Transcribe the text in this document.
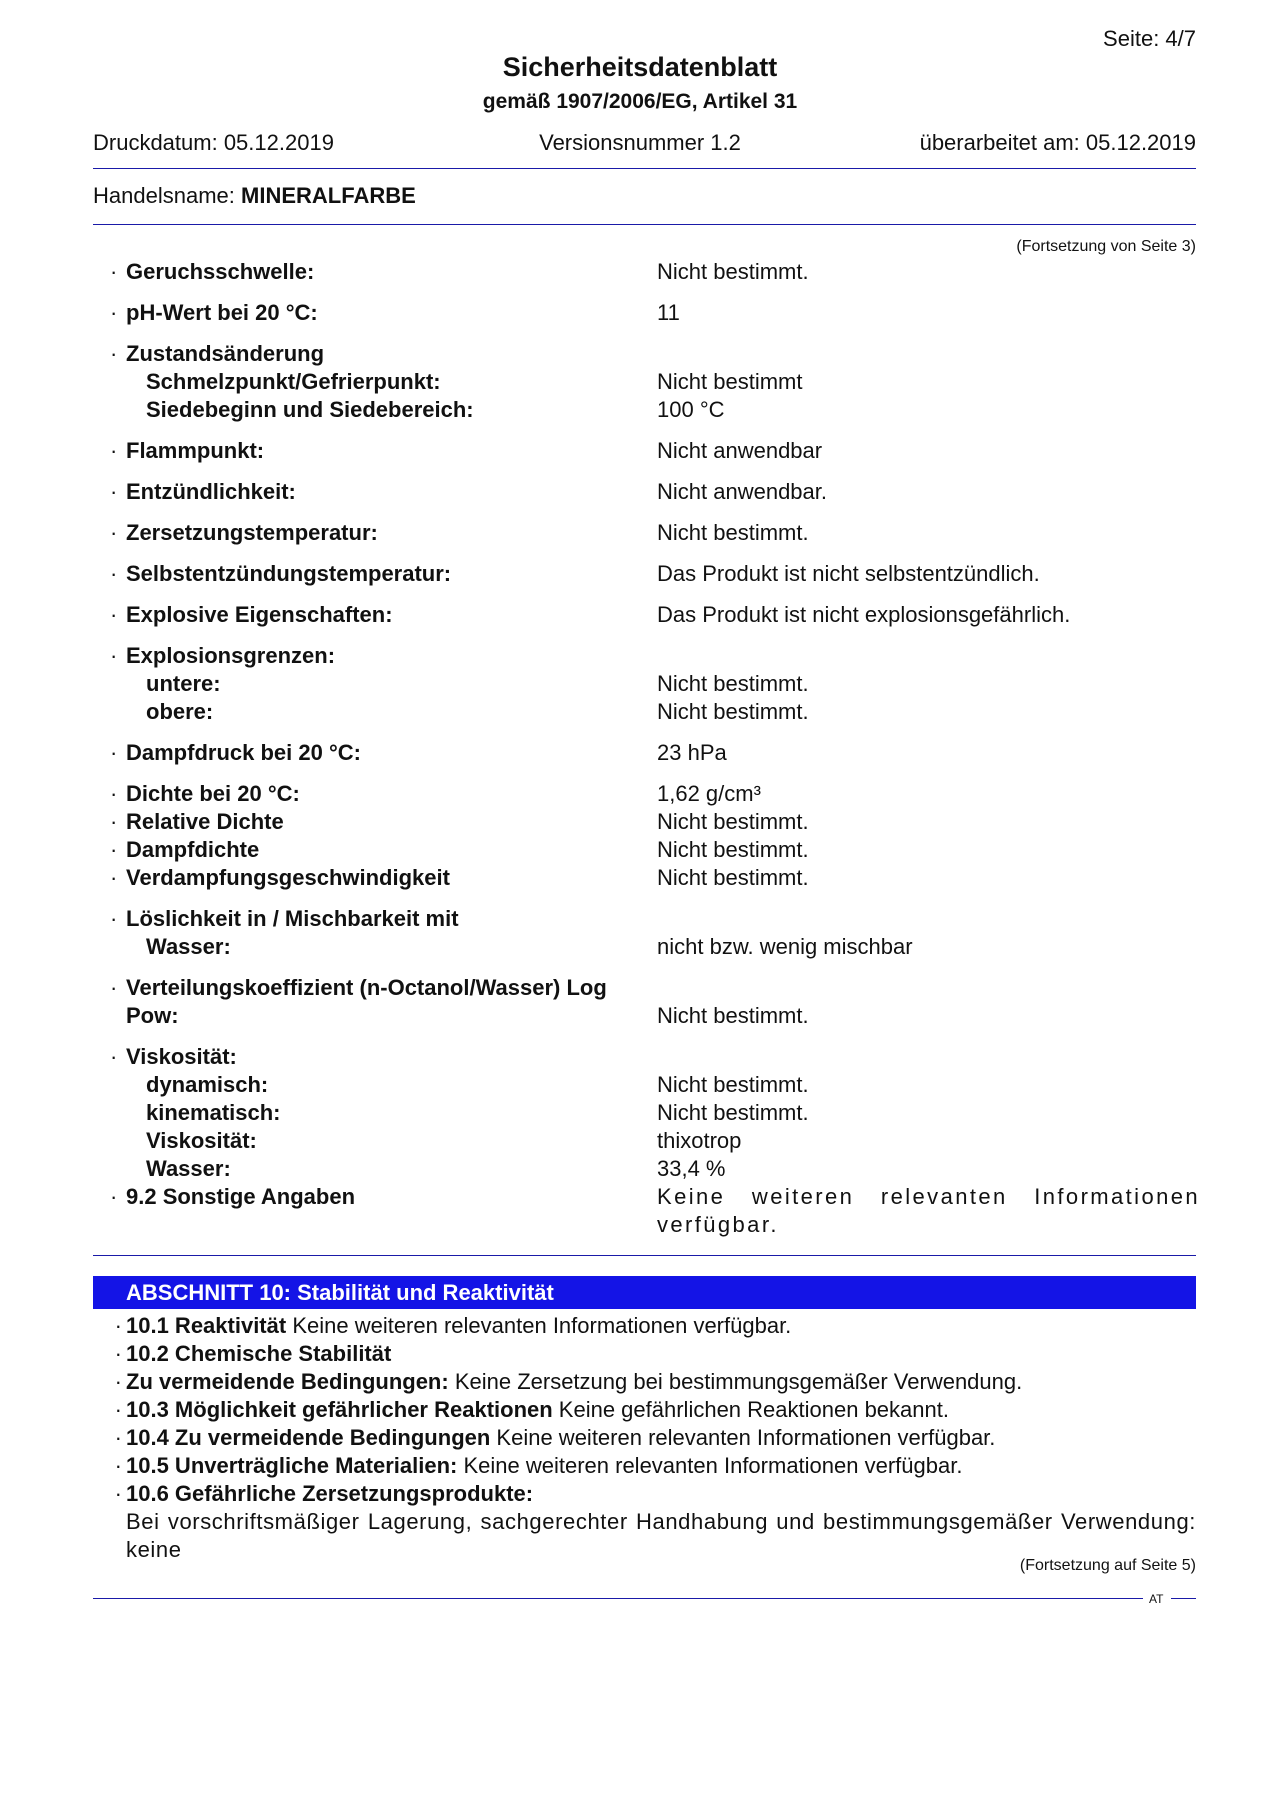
Seite: 4/7
Sicherheitsdatenblatt
gemäß 1907/2006/EG, Artikel 31
Druckdatum: 05.12.2019	Versionsnummer 1.2	überarbeitet am: 05.12.2019
Handelsname: MINERALFARBE
(Fortsetzung von Seite 3)
· Geruchsschwelle:	Nicht bestimmt.
· pH-Wert bei 20 °C:	11
· Zustandsänderung
Schmelzpunkt/Gefrierpunkt:	Nicht bestimmt
Siedebeginn und Siedebereich:	100 °C
· Flammpunkt:	Nicht anwendbar
· Entzündlichkeit:	Nicht anwendbar.
· Zersetzungstemperatur:	Nicht bestimmt.
· Selbstentzündungstemperatur:	Das Produkt ist nicht selbstentzündlich.
· Explosive Eigenschaften:	Das Produkt ist nicht explosionsgefährlich.
· Explosionsgrenzen:
untere:	Nicht bestimmt.
obere:	Nicht bestimmt.
· Dampfdruck bei 20 °C:	23 hPa
· Dichte bei 20 °C:	1,62 g/cm³
· Relative Dichte	Nicht bestimmt.
· Dampfdichte	Nicht bestimmt.
· Verdampfungsgeschwindigkeit	Nicht bestimmt.
· Löslichkeit in / Mischbarkeit mit
Wasser:	nicht bzw. wenig mischbar
· Verteilungskoeffizient (n-Octanol/Wasser) Log
Pow:	Nicht bestimmt.
· Viskosität:
dynamisch:	Nicht bestimmt.
kinematisch:	Nicht bestimmt.
Viskosität:	thixotrop
Wasser:	33,4 %
· 9.2 Sonstige Angaben	Keine weiteren relevanten Informationen verfügbar.
ABSCHNITT 10: Stabilität und Reaktivität
· 10.1 Reaktivität Keine weiteren relevanten Informationen verfügbar.
· 10.2 Chemische Stabilität
· Zu vermeidende Bedingungen: Keine Zersetzung bei bestimmungsgemäßer Verwendung.
· 10.3 Möglichkeit gefährlicher Reaktionen Keine gefährlichen Reaktionen bekannt.
· 10.4 Zu vermeidende Bedingungen Keine weiteren relevanten Informationen verfügbar.
· 10.5 Unverträgliche Materialien: Keine weiteren relevanten Informationen verfügbar.
· 10.6 Gefährliche Zersetzungsprodukte:
Bei vorschriftsmäßiger Lagerung, sachgerechter Handhabung und bestimmungsgemäßer Verwendung: keine
(Fortsetzung auf Seite 5)
AT
